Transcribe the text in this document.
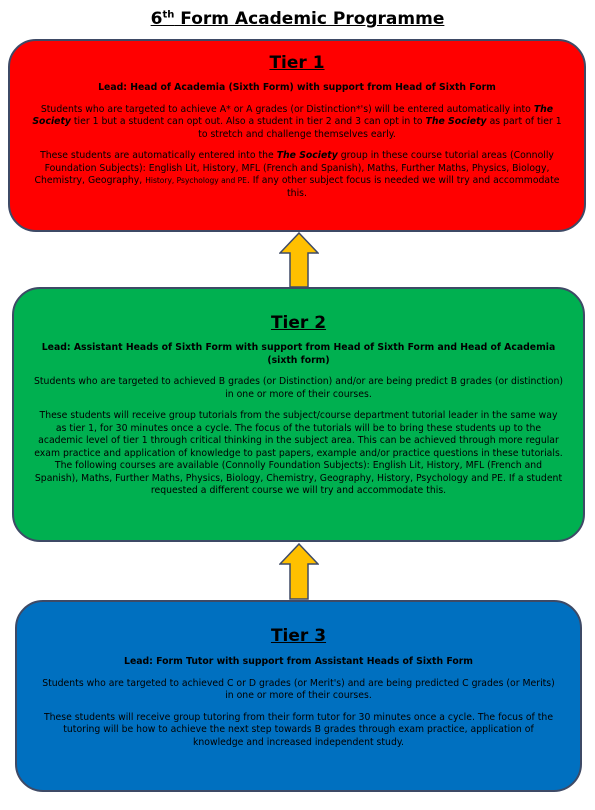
6th Form Academic Programme
Tier 1

Lead: Head of Academia (Sixth Form) with support from Head of Sixth Form

Students who are targeted to achieve A* or A grades (or Distinction*'s) will be entered automatically into The Society tier 1 but a student can opt out. Also a student in tier 2 and 3 can opt in to The Society as part of tier 1 to stretch and challenge themselves early.

These students are automatically entered into the The Society group in these course tutorial areas (Connolly Foundation Subjects): English Lit, History, MFL (French and Spanish), Maths, Further Maths, Physics, Biology, Chemistry, Geography, History, Psychology and PE. If any other subject focus is needed we will try and accommodate this.

Tier 2

Lead: Assistant Heads of Sixth Form with support from Head of Sixth Form and Head of Academia (sixth form)

Students who are targeted to achieved B grades (or Distinction) and/or are being predict B grades (or distinction) in one or more of their courses.

These students will receive group tutorials from the subject/course department tutorial leader in the same way as tier 1, for 30 minutes once a cycle. The focus of the tutorials will be to bring these students up to the academic level of tier 1 through critical thinking in the subject area. This can be achieved through more regular exam practice and application of knowledge to past papers, example and/or practice questions in these tutorials. The following courses are available (Connolly Foundation Subjects): English Lit, History, MFL (French and Spanish), Maths, Further Maths, Physics, Biology, Chemistry, Geography, History, Psychology and PE. If a student requested a different course we will try and accommodate this.

Tier 3

Lead: Form Tutor with support from Assistant Heads of Sixth Form

Students who are targeted to achieved C or D grades (or Merit's) and are being predicted C grades (or Merits) in one or more of their courses.

These students will receive group tutoring from their form tutor for 30 minutes once a cycle. The focus of the tutoring will be how to achieve the next step towards B grades through exam practice, application of knowledge and increased independent study.
